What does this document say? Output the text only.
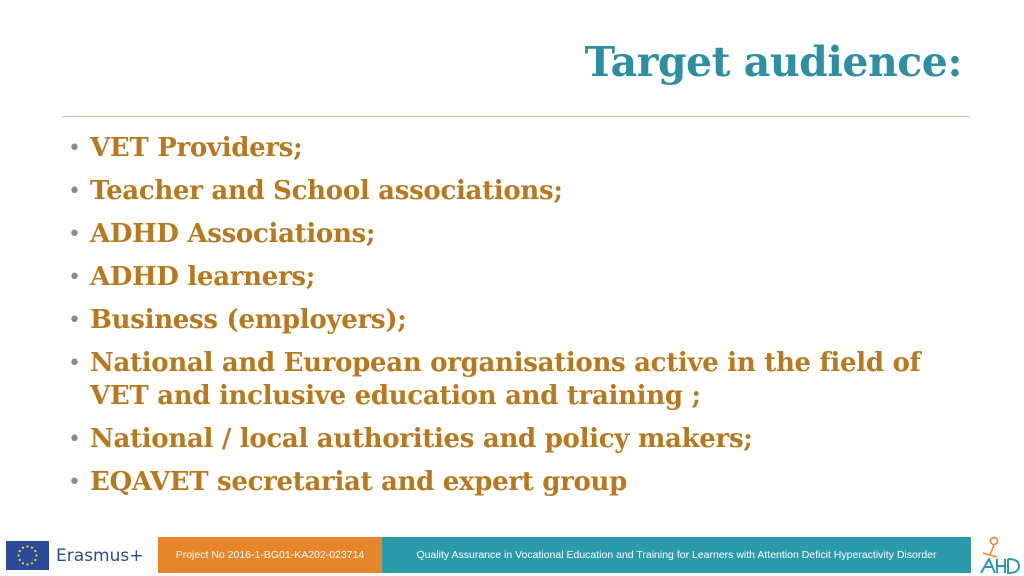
Target audience:
• VET Providers;
• Teacher and School associations;
• ADHD Associations;
• ADHD learners;
• Business (employers);
• National and European organisations active in the field of VET and inclusive education and training ;
• National / local authorities and policy makers;
• EQAVET secretariat and expert group
Erasmus+	Project No 2016-1-BG01-KA202-023714	Quality Assurance in Vocational Education and Training for Learners with Attention Deficit Hyperactivity Disorder
